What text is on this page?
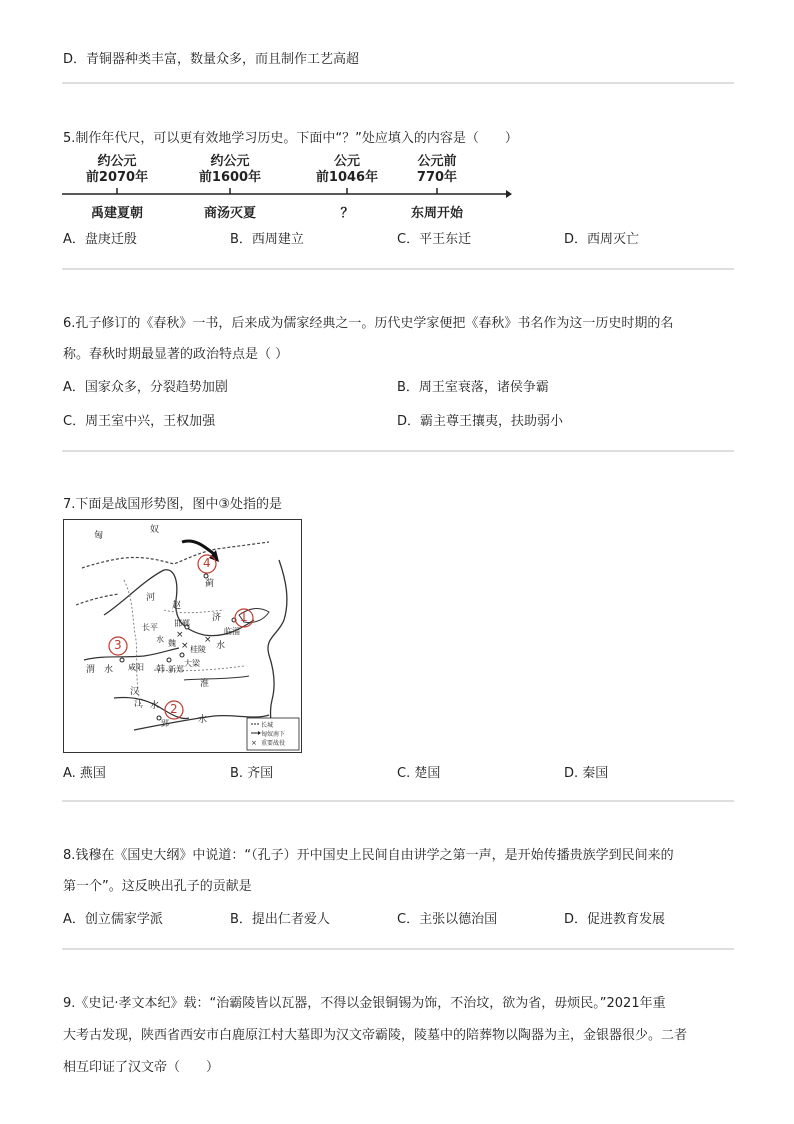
D．青铜器种类丰富，数量众多，而且制作工艺高超
5.制作年代尺，可以更有效地学习历史。下面中“？”处应填入的内容是（　　）
约公元
前2070年
约公元
前1600年
公元
前1046年
公元前
770年
禹建夏朝	商汤灭夏	？	东周开始
A．盘庚迁殷	B．西周建立	C．平王东迁	D．西周灭亡
6.孔子修订的《春秋》一书，后来成为儒家经典之一。历代史学家便把《春秋》书名作为这一历史时期的名
称。春秋时期最显著的政治特点是（ ）
A．国家众多，分裂趋势加剧	B．周王室衰落，诸侯争霸
C．周王室中兴，王权加强	D．霸主尊王攘夷，扶助弱小
7.下面是战国形势图，图中③处指的是
×
×
×
×
匈
奴
蓟
河
赵
济
长平 邯郸
水 魏
桂陵
临淄
咸阳 韩 新郑
大梁
渭 水
水
淮
汉
江 水
水
郢
4
1
3
2
长城
匈奴南下
重要战役
A. 燕国	B. 齐国	C. 楚国	D. 秦国
8.钱穆在《国史大纲》中说道：“（孔子）开中国史上民间自由讲学之第一声，是开始传播贵族学到民间来的
第一个”。这反映出孔子的贡献是
A．创立儒家学派	B．提出仁者爱人	C．主张以德治国	D．促进教育发展
9.《史记·孝文本纪》载：“治霸陵皆以瓦器，不得以金银铜锡为饰，不治坟，欲为省，毋烦民。”2021年重
大考古发现，陕西省西安市白鹿原江村大墓即为汉文帝霸陵，陵墓中的陪葬物以陶器为主，金银器很少。二者
相互印证了汉文帝（　　）
